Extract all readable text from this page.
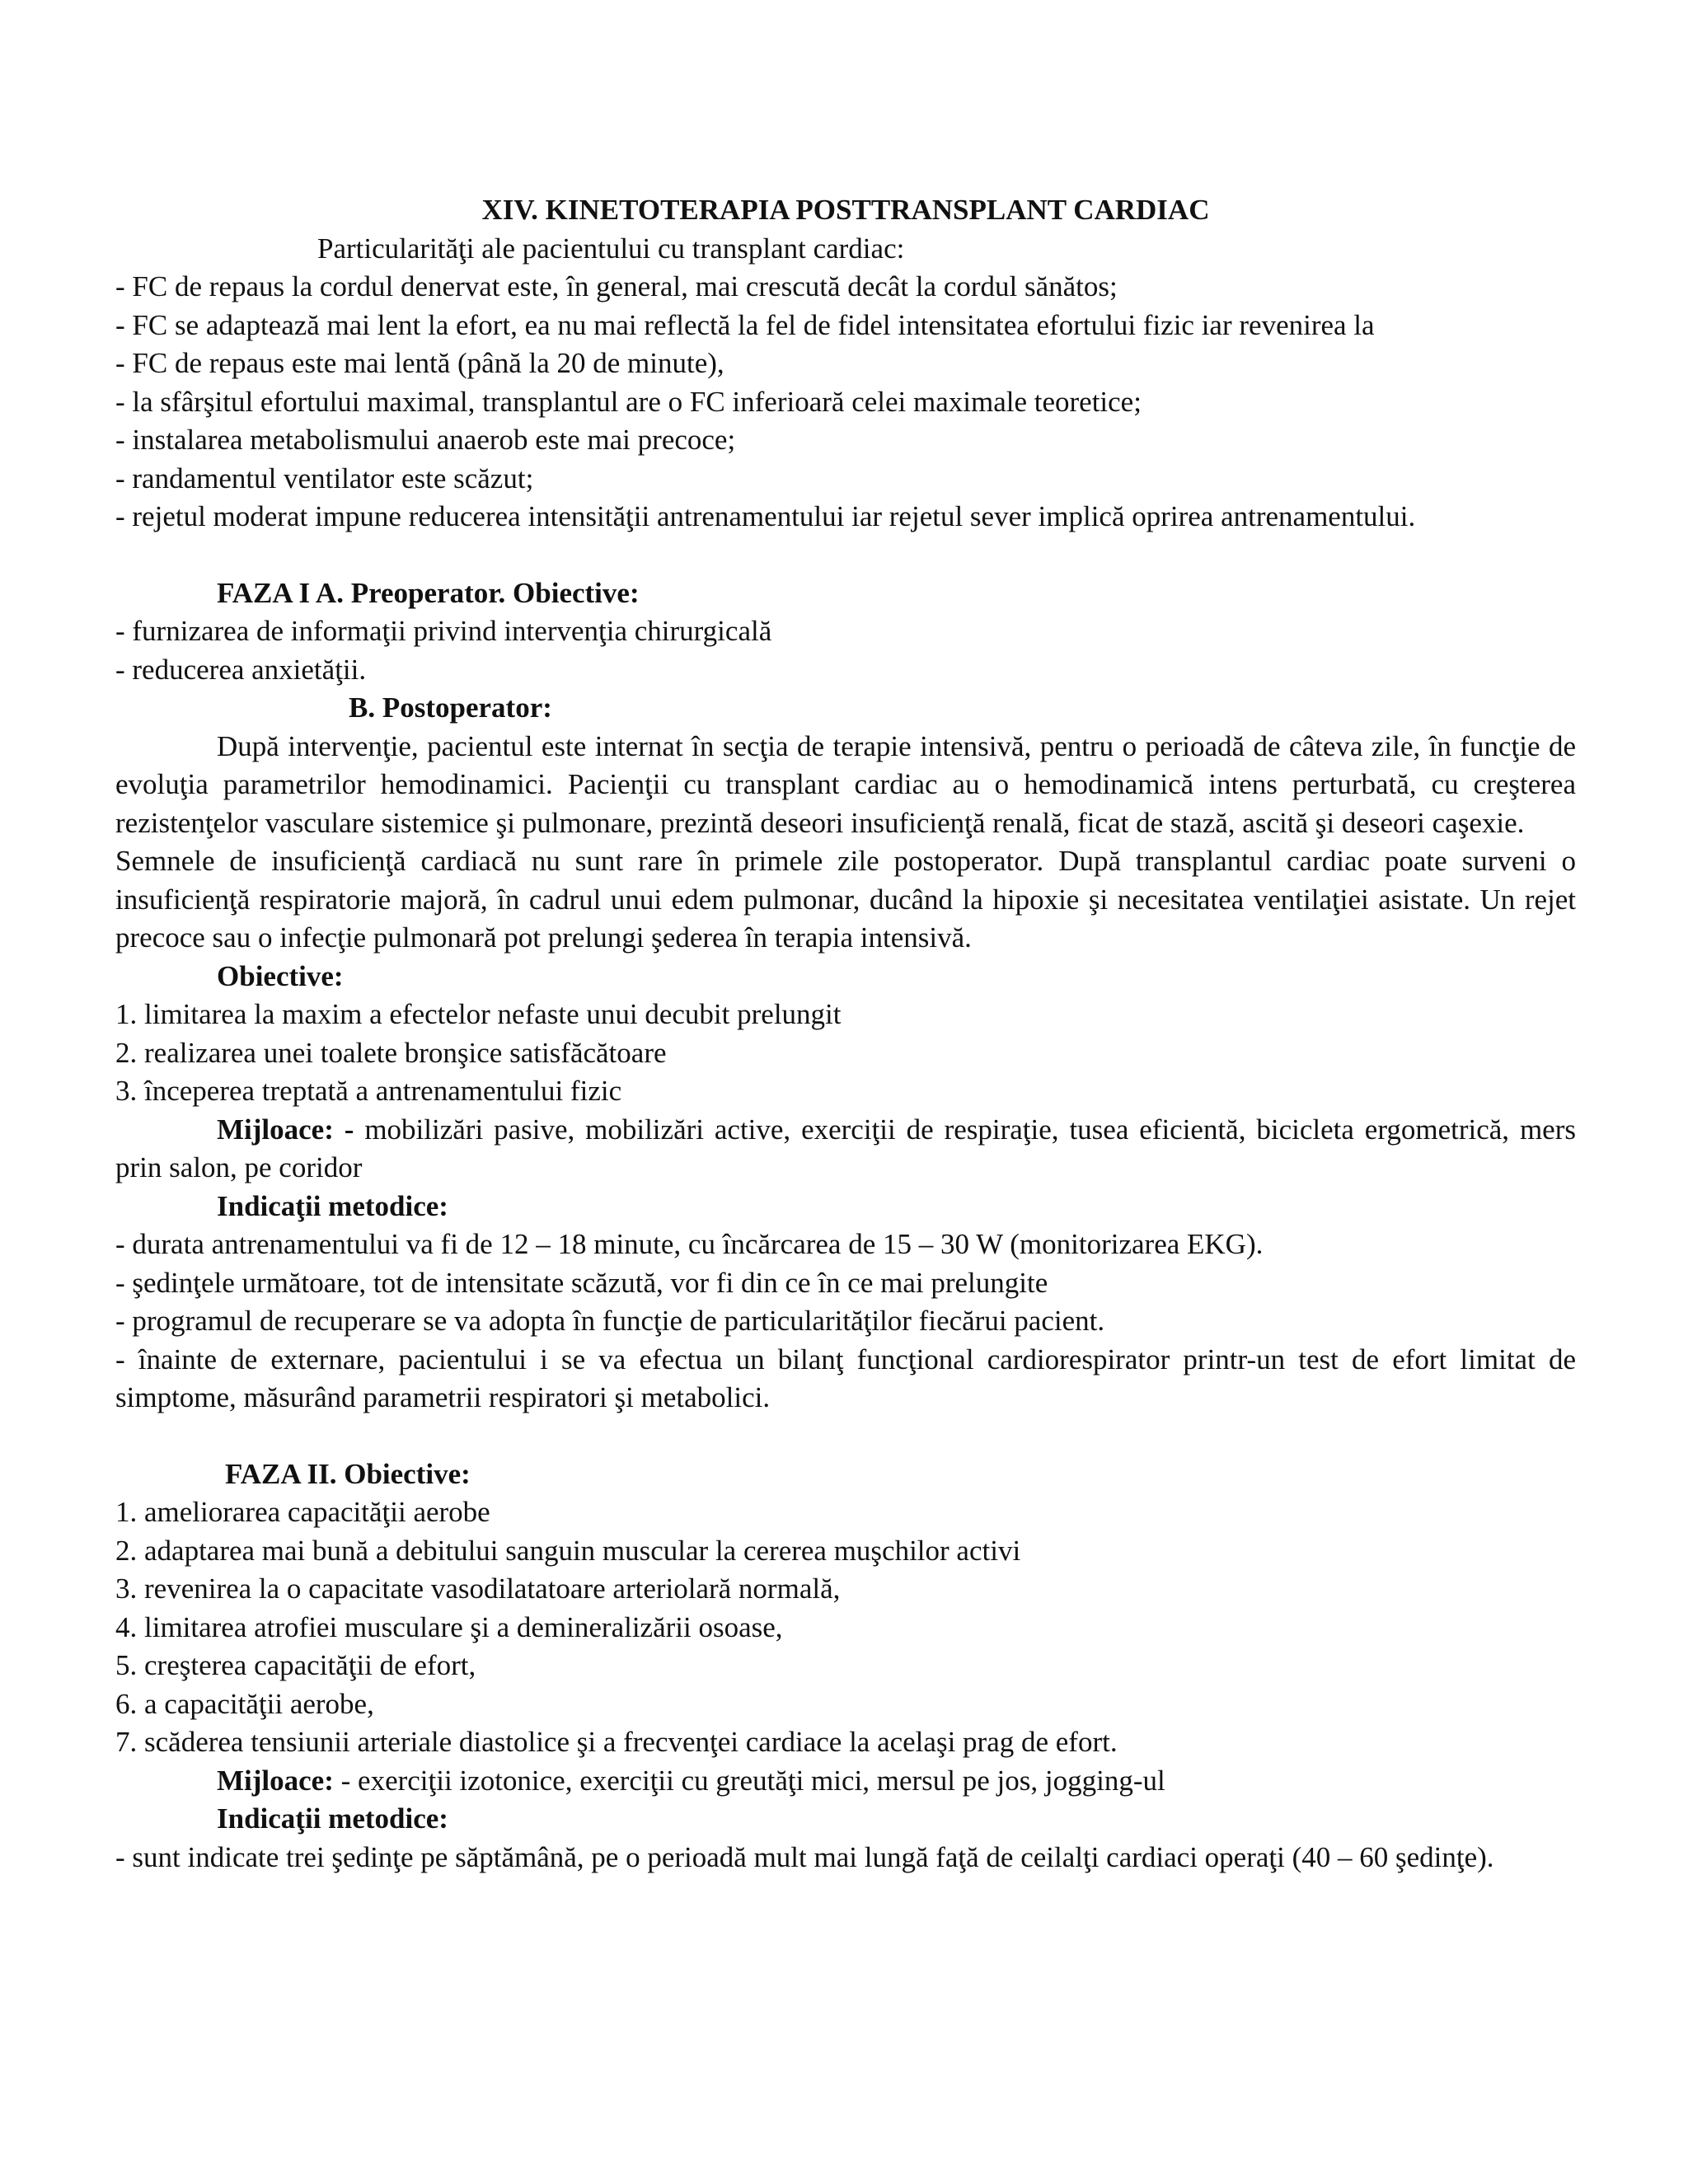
XIV. KINETOTERAPIA POSTTRANSPLANT CARDIAC

Particularităţi ale pacientului cu transplant cardiac:

- FC de repaus la cordul denervat este, în general, mai crescută decât la cordul sănătos;

- FC se adaptează mai lent la efort, ea nu mai reflectă la fel de fidel intensitatea efortului fizic iar revenirea la

- FC de repaus este mai lentă (până la 20 de minute),

- la sfârşitul efortului maximal, transplantul are o FC inferioară celei maximale teoretice;

- instalarea metabolismului anaerob este mai precoce;

- randamentul ventilator este scăzut;

- rejetul moderat impune reducerea intensităţii antrenamentului iar rejetul sever implică oprirea antrenamentului.

FAZA I A. Preoperator. Obiective:

- furnizarea de informaţii privind intervenţia chirurgicală

- reducerea anxietăţii.

B. Postoperator:

După intervenţie, pacientul este internat în secţia de terapie intensivă, pentru o perioadă de câteva zile, în funcţie de evoluţia parametrilor hemodinamici. Pacienţii cu transplant cardiac au o hemodinamică intens perturbată, cu creşterea rezistenţelor vasculare sistemice şi pulmonare, prezintă deseori insuficienţă renală, ficat de stază, ascită şi deseori caşexie.

Semnele de insuficienţă cardiacă nu sunt rare în primele zile postoperator. După transplantul cardiac poate surveni o insuficienţă respiratorie majoră, în cadrul unui edem pulmonar, ducând la hipoxie şi necesitatea ventilaţiei asistate. Un rejet precoce sau o infecţie pulmonară pot prelungi şederea în terapia intensivă.

Obiective:

1. limitarea la maxim a efectelor nefaste unui decubit prelungit

2. realizarea unei toalete bronşice satisfăcătoare

3. începerea treptată a antrenamentului fizic

Mijloace: - mobilizări pasive, mobilizări active, exerciţii de respiraţie, tusea eficientă, bicicleta ergometrică, mers prin salon, pe coridor

Indicaţii metodice:

- durata antrenamentului va fi de 12 – 18 minute, cu încărcarea de 15 – 30 W (monitorizarea EKG).

- şedinţele următoare, tot de intensitate scăzută, vor fi din ce în ce mai prelungite

- programul de recuperare se va adopta în funcţie de particularităţilor fiecărui pacient.

- înainte de externare, pacientului i se va efectua un bilanţ funcţional cardiorespirator printr-un test de efort limitat de simptome, măsurând parametrii respiratori şi metabolici.

FAZA II. Obiective:

1. ameliorarea capacităţii aerobe

2. adaptarea mai bună a debitului sanguin muscular la cererea muşchilor activi

3. revenirea la o capacitate vasodilatatoare arteriolară normală,

4. limitarea atrofiei musculare şi a demineralizării osoase,

5. creşterea capacităţii de efort,

6. a capacităţii aerobe,

7. scăderea tensiunii arteriale diastolice şi a frecvenţei cardiace la acelaşi prag de efort.

Mijloace: - exerciţii izotonice, exerciţii cu greutăţi mici, mersul pe jos, jogging-ul

Indicaţii metodice:

- sunt indicate trei şedinţe pe săptămână, pe o perioadă mult mai lungă faţă de ceilalţi cardiaci operaţi (40 – 60 şedinţe).
